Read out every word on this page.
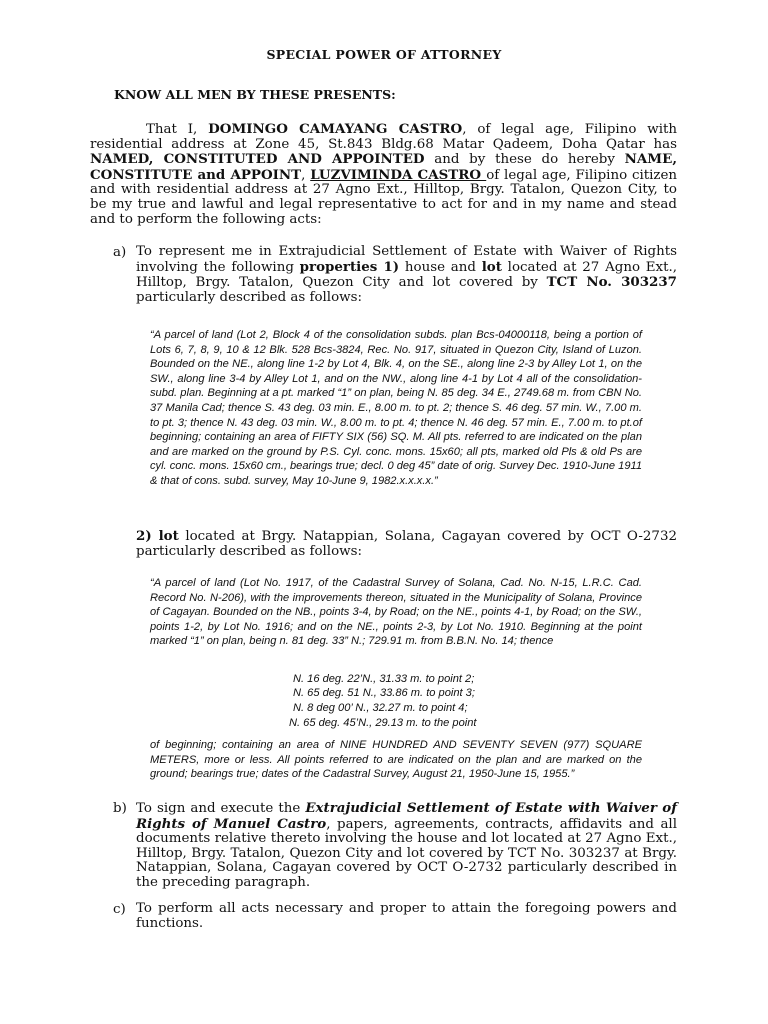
SPECIAL POWER OF ATTORNEY
KNOW ALL MEN BY THESE PRESENTS:
That I, DOMINGO CAMAYANG CASTRO, of legal age, Filipino with residential address at Zone 45, St.843 Bldg.68 Matar Qadeem, Doha Qatar has NAMED, CONSTITUTED AND APPOINTED and by these do hereby NAME, CONSTITUTE and APPOINT, LUZVIMINDA CASTRO of legal age, Filipino citizen and with residential address at 27 Agno Ext., Hilltop, Brgy. Tatalon, Quezon City, to be my true and lawful and legal representative to act for and in my name and stead and to perform the following acts:
a) To represent me in Extrajudicial Settlement of Estate with Waiver of Rights involving the following properties 1) house and lot located at 27 Agno Ext., Hilltop, Brgy. Tatalon, Quezon City and lot covered by TCT No. 303237 particularly described as follows:
“A parcel of land (Lot 2, Block 4 of the consolidation subds. plan Bcs-04000118, being a portion of Lots 6, 7, 8, 9, 10 & 12 Blk. 528 Bcs-3824, Rec. No. 917, situated in Quezon City, Island of Luzon. Bounded on the NE., along line 1-2 by Lot 4, Blk. 4, on the SE., along line 2-3 by Alley Lot 1, on the SW., along line 3-4 by Alley Lot 1, and on the NW., along line 4-1 by Lot 4 all of the consolidation- subd. plan. Beginning at a pt. marked “1” on plan, being N. 85 deg. 34 E., 2749.68 m. from CBN No. 37 Manila Cad; thence S. 43 deg. 03 min. E., 8.00 m. to pt. 2; thence S. 46 deg. 57 min. W., 7.00 m. to pt. 3; thence N. 43 deg. 03 min. W., 8.00 m. to pt. 4; thence N. 46 deg. 57 min. E., 7.00 m. to pt.of beginning; containing an area of FIFTY SIX (56) SQ. M. All pts. referred to are indicated on the plan and are marked on the ground by P.S. Cyl. conc. mons. 15x60; all pts, marked old Pls & old Ps are cyl. conc. mons. 15x60 cm., bearings true; decl. 0 deg 45” date of orig. Survey Dec. 1910-June 1911 & that of cons. subd. survey, May 10-June 9, 1982.x.x.x.x.”
2) lot located at Brgy. Natappian, Solana, Cagayan covered by OCT O-2732 particularly described as follows:
“A parcel of land (Lot No. 1917, of the Cadastral Survey of Solana, Cad. No. N-15, L.R.C. Cad. Record No. N-206), with the improvements thereon, situated in the Municipality of Solana, Province of Cagayan. Bounded on the NB., points 3-4, by Road; on the NE., points 4-1, by Road; on the SW., points 1-2, by Lot No. 1916; and on the NE., points 2-3, by Lot No. 1910. Beginning at the point marked “1” on plan, being n. 81 deg. 33” N.; 729.91 m. from B.B.N. No. 14; thence
N. 16 deg. 22’N., 31.33 m. to point 2;
N. 65 deg. 51 N., 33.86 m. to point 3;
N. 8 deg 00’ N., 32.27 m. to point 4;
N. 65 deg. 45’N., 29.13 m. to the point
of beginning; containing an area of NINE HUNDRED AND SEVENTY SEVEN (977) SQUARE METERS, more or less. All points referred to are indicated on the plan and are marked on the ground; bearings true; dates of the Cadastral Survey, August 21, 1950-June 15, 1955.”
b) To sign and execute the Extrajudicial Settlement of Estate with Waiver of Rights of Manuel Castro, papers, agreements, contracts, affidavits and all documents relative thereto involving the house and lot located at 27 Agno Ext., Hilltop, Brgy. Tatalon, Quezon City and lot covered by TCT No. 303237 at Brgy. Natappian, Solana, Cagayan covered by OCT O-2732 particularly described in the preceding paragraph.
c) To perform all acts necessary and proper to attain the foregoing powers and functions.
